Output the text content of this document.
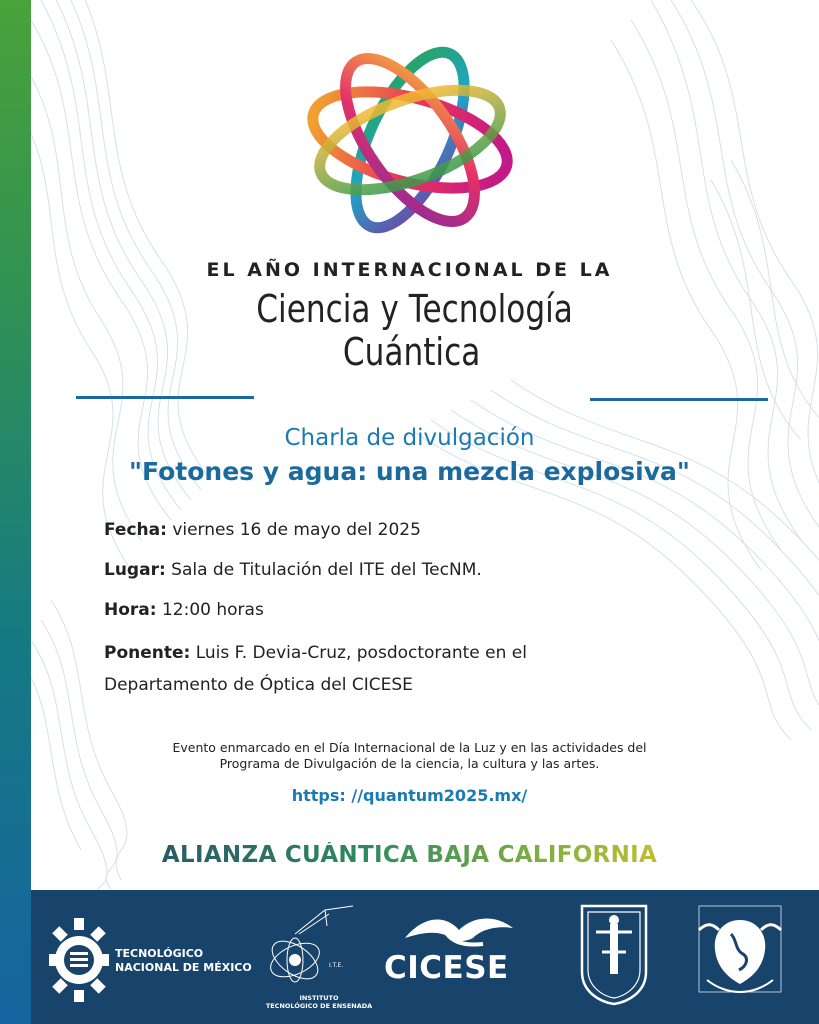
EL AÑO INTERNACIONAL DE LA
Ciencia y Tecnología
Cuántica
Charla de divulgación
"Fotones y agua: una mezcla explosiva"

Fecha: viernes 16 de mayo del 2025

Lugar: Sala de Titulación del ITE del TecNM.

Hora: 12:00 horas

Ponente: Luis F. Devia-Cruz, posdoctorante en el
Departamento de Óptica del CICESE

Evento enmarcado en el Día Internacional de la Luz y en las actividades del
Programa de Divulgación de la ciencia, la cultura y las artes.
https: //quantum2025.mx/
ALIANZA CUÁNTICA BAJA CALIFORNIA
TECNOLÓGICO
NACIONAL DE MÉXICO	I.T.E.
INSTITUTO
TECNOLÓGICO DE ENSENADA
CICESE
